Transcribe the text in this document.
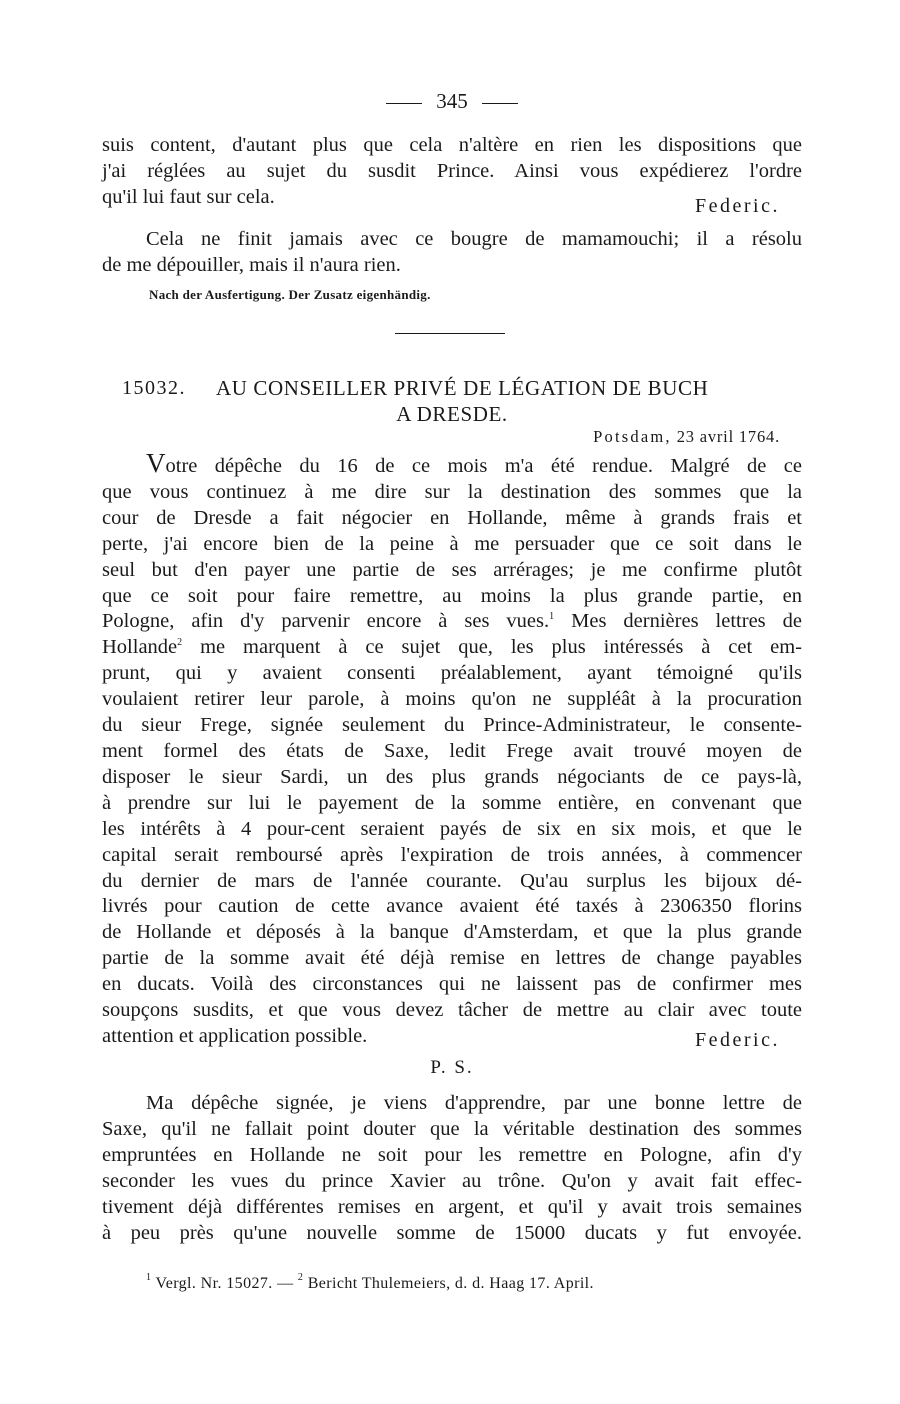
345
suis content, d'autant plus que cela n'altère en rien les dispositions que
j'ai réglées au sujet du susdit Prince. Ainsi vous expédierez l'ordre
qu'il lui faut sur cela.	Federic.
Cela ne finit jamais avec ce bougre de mamamouchi; il a résolu
de me dépouiller, mais il n'aura rien.
Nach der Ausfertigung. Der Zusatz eigenhändig.
15032. AU CONSEILLER PRIVÉ DE LÉGATION DE BUCH
A DRESDE.
Potsdam, 23 avril 1764.
Votre dépêche du 16 de ce mois m'a été rendue. Malgré de ce
que vous continuez à me dire sur la destination des sommes que la
cour de Dresde a fait négocier en Hollande, même à grands frais et
perte, j'ai encore bien de la peine à me persuader que ce soit dans le
seul but d'en payer une partie de ses arrérages; je me confirme plutôt
que ce soit pour faire remettre, au moins la plus grande partie, en
Pologne, afin d'y parvenir encore à ses vues.$^1$ Mes dernières lettres de
Hollande$^2$ me marquent à ce sujet que, les plus intéressés à cet em-
prunt, qui y avaient consenti préalablement, ayant témoigné qu'ils
voulaient retirer leur parole, à moins qu'on ne suppléât à la procuration
du sieur Frege, signée seulement du Prince-Administrateur, le consente-
ment formel des états de Saxe, ledit Frege avait trouvé moyen de
disposer le sieur Sardi, un des plus grands négociants de ce pays-là,
à prendre sur lui le payement de la somme entière, en convenant que
les intérêts à 4 pour-cent seraient payés de six en six mois, et que le
capital serait remboursé après l'expiration de trois années, à commencer
du dernier de mars de l'année courante. Qu'au surplus les bijoux dé-
livrés pour caution de cette avance avaient été taxés à 2306350 florins
de Hollande et déposés à la banque d'Amsterdam, et que la plus grande
partie de la somme avait été déjà remise en lettres de change payables
en ducats. Voilà des circonstances qui ne laissent pas de confirmer mes
soupçons susdits, et que vous devez tâcher de mettre au clair avec toute
attention et application possible.	Federic.
P. S.
Ma dépêche signée, je viens d'apprendre, par une bonne lettre de
Saxe, qu'il ne fallait point douter que la véritable destination des sommes
empruntées en Hollande ne soit pour les remettre en Pologne, afin d'y
seconder les vues du prince Xavier au trône. Qu'on y avait fait effec-
tivement déjà différentes remises en argent, et qu'il y avait trois semaines
à peu près qu'une nouvelle somme de 15000 ducats y fut envoyée.
$^1$ Vergl. Nr. 15027. — $^2$ Bericht Thulemeiers, d. d. Haag 17. April.
